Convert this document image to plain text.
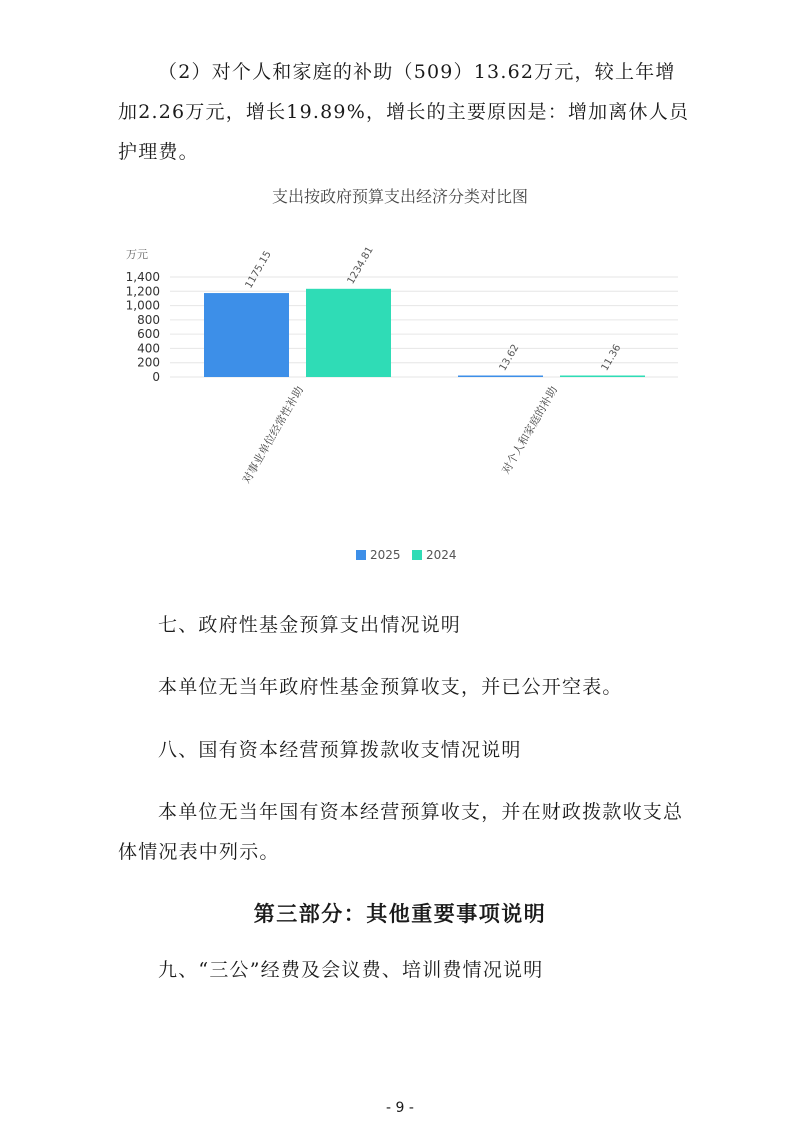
（2）对个人和家庭的补助（509）13.62万元，较上年增加2.26万元，增长19.89%，增长的主要原因是：增加离休人员护理费。

支出按政府预算支出经济分类对比图
0
200
400
600
800
1,000
1,200
1,400
万元	1175.15	1234.81
对事业单位经常性补助
13.62	11.36
对个人和家庭的补助
2025 2024

七、政府性基金预算支出情况说明

本单位无当年政府性基金预算收支，并已公开空表。

八、国有资本经营预算拨款收支情况说明

本单位无当年国有资本经营预算收支，并在财政拨款收支总体情况表中列示。

第三部分：其他重要事项说明

九、“三公”经费及会议费、培训费情况说明

- 9 -
